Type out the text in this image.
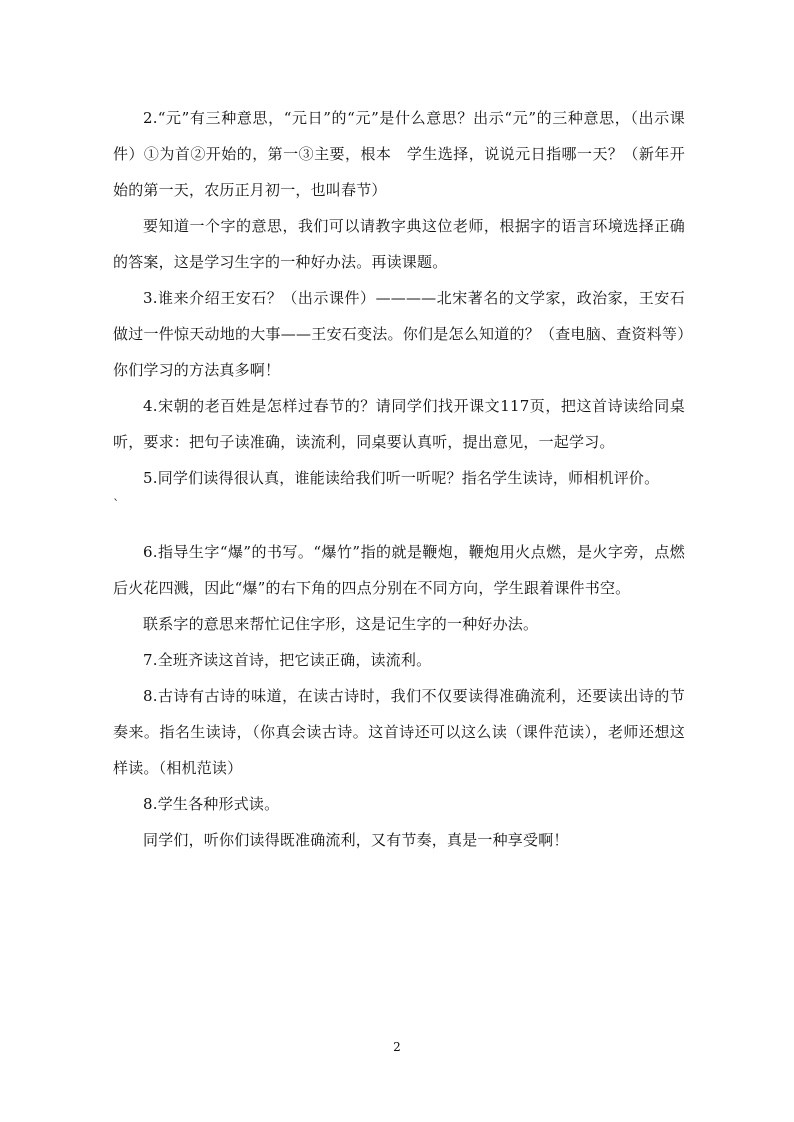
2.“元”有三种意思，“元日”的“元”是什么意思？出示“元”的三种意思，（出示课件）①为首②开始的，第一③主要，根本　学生选择，说说元日指哪一天？（新年开始的第一天，农历正月初一，也叫春节）

要知道一个字的意思，我们可以请教字典这位老师，根据字的语言环境选择正确的答案，这是学习生字的一种好办法。再读课题。

3.谁来介绍王安石？（出示课件）————北宋著名的文学家，政治家，王安石做过一件惊天动地的大事——王安石变法。你们是怎么知道的？（查电脑、查资料等）你们学习的方法真多啊！

4.宋朝的老百姓是怎样过春节的？请同学们找开课文117页，把这首诗读给同桌听，要求：把句子读准确，读流利，同桌要认真听，提出意见，一起学习。

5.同学们读得很认真，谁能读给我们听一听呢？指名学生读诗，师相机评价。

`

6.指导生字“爆”的书写。“爆竹”指的就是鞭炮，鞭炮用火点燃，是火字旁，点燃后火花四溅，因此“爆”的右下角的四点分别在不同方向，学生跟着课件书空。

联系字的意思来帮忙记住字形，这是记生字的一种好办法。

7.全班齐读这首诗，把它读正确，读流利。

8.古诗有古诗的味道，在读古诗时，我们不仅要读得准确流利，还要读出诗的节奏来。指名生读诗，（你真会读古诗。这首诗还可以这么读（课件范读），老师还想这样读。（相机范读）

8.学生各种形式读。

同学们，听你们读得既准确流利，又有节奏，真是一种享受啊！

2
